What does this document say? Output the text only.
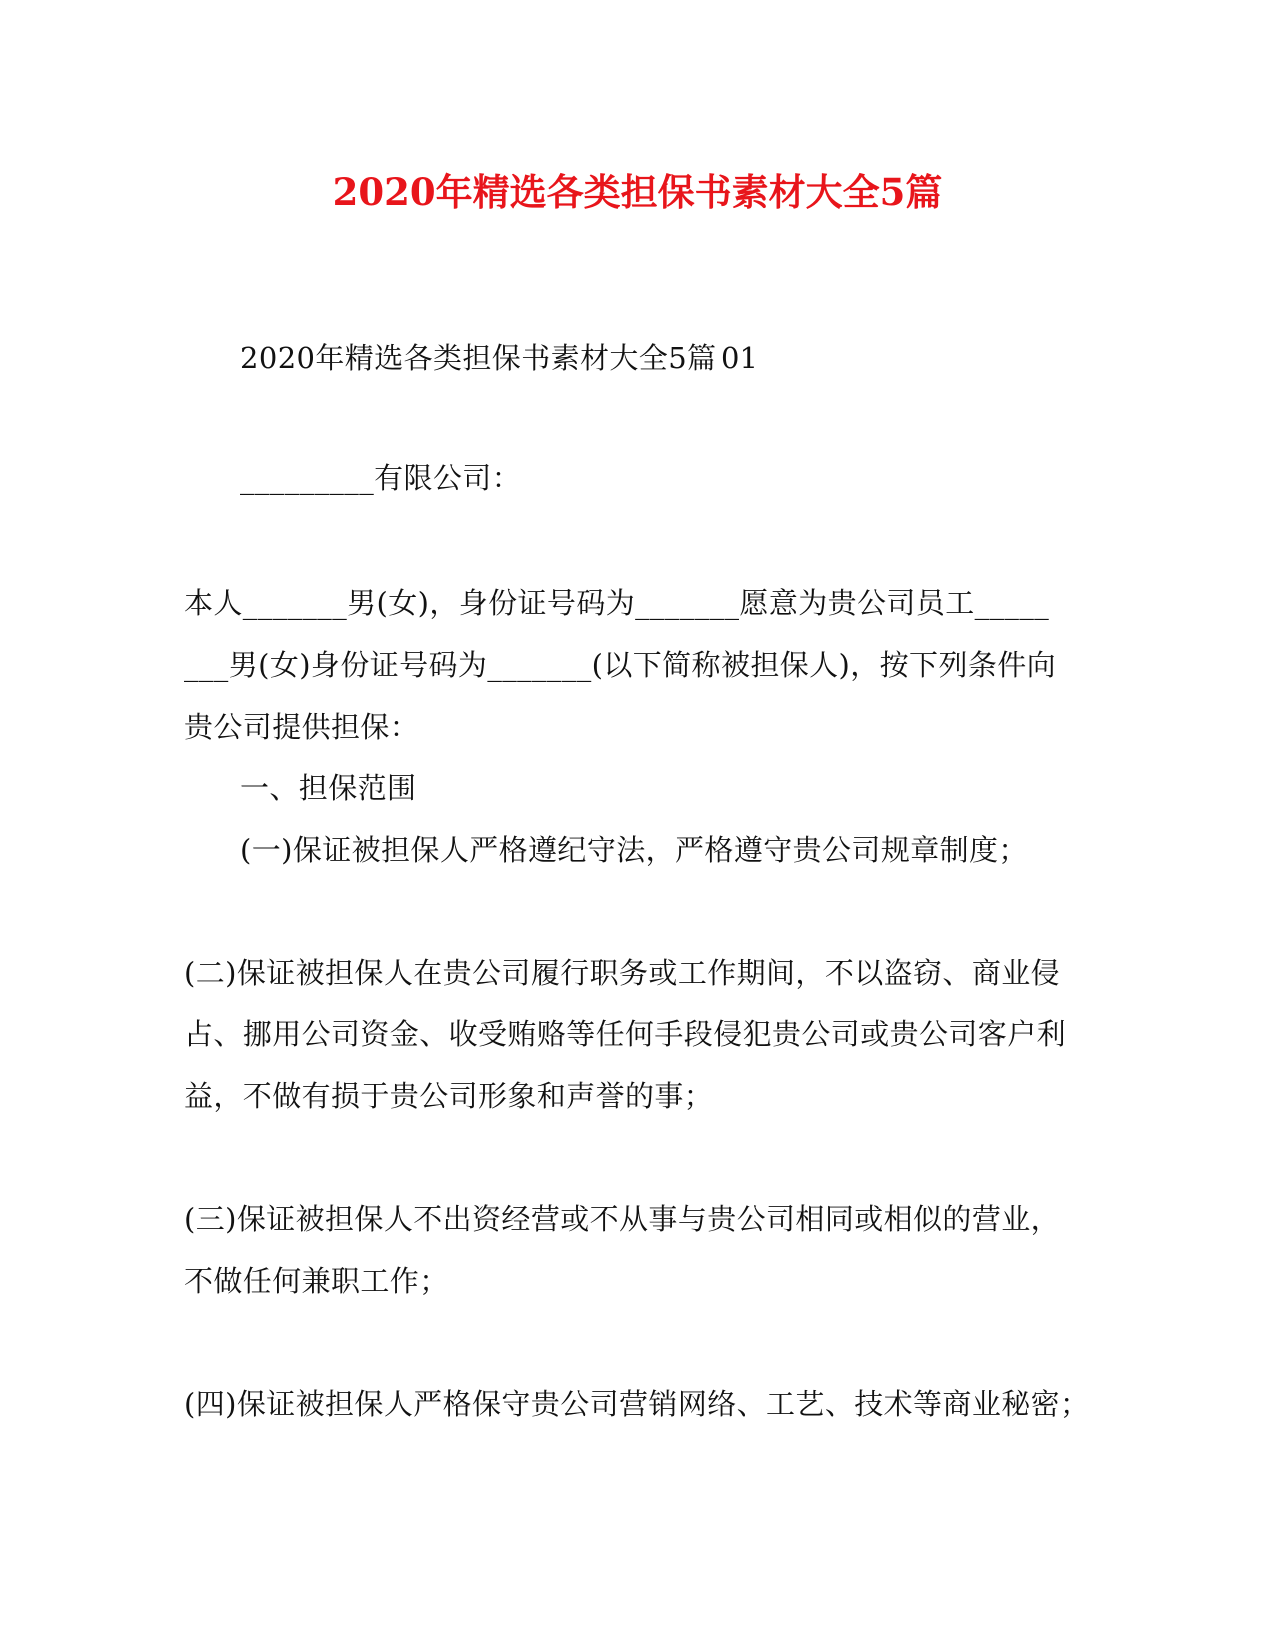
2020年精选各类担保书素材大全5篇
2020年精选各类担保书素材大全5篇 01
_________有限公司：
本人_______男(女)，身份证号码为_______愿意为贵公司员工_____
___男(女)身份证号码为_______(以下简称被担保人)，按下列条件向
贵公司提供担保：
一、担保范围
(一)保证被担保人严格遵纪守法，严格遵守贵公司规章制度；
(二)保证被担保人在贵公司履行职务或工作期间，不以盗窃、商业侵
占、挪用公司资金、收受贿赂等任何手段侵犯贵公司或贵公司客户利
益，不做有损于贵公司形象和声誉的事；
(三)保证被担保人不出资经营或不从事与贵公司相同或相似的营业，
不做任何兼职工作；
(四)保证被担保人严格保守贵公司营销网络、工艺、技术等商业秘密；
